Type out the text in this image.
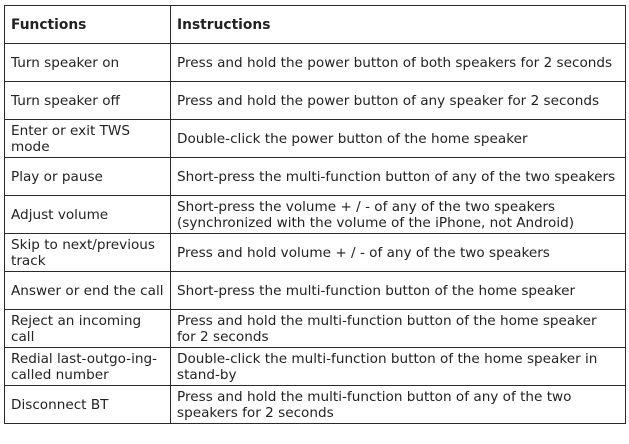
Functions	Instructions
Turn speaker on	Press and hold the power button of both speakers for 2 seconds
Turn speaker off	Press and hold the power button of any speaker for 2 seconds
Enter or exit TWS mode	Double-click the power button of the home speaker
Play or pause	Short-press the multi-function button of any of the two speakers
Adjust volume	Short-press the volume + / - of any of the two speakers (synchronized with the volume of the iPhone, not Android)
Skip to next/previous track	Press and hold volume + / - of any of the two speakers
Answer or end the call	Short-press the multi-function button of the home speaker
Reject an incoming call	Press and hold the multi-function button of the home speaker for 2 seconds
Redial last-outgo-ing-called number	Double-click the multi-function button of the home speaker in stand-by
Disconnect BT	Press and hold the multi-function button of any of the two speakers for 2 seconds
